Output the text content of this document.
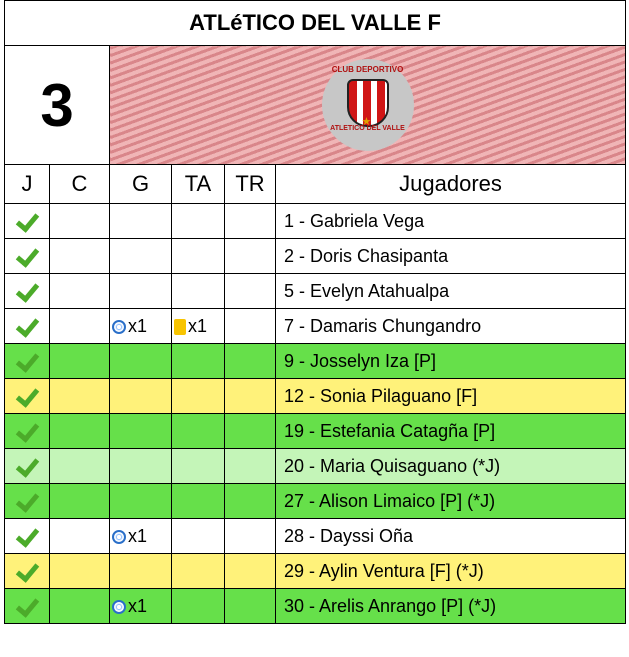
ATLéTICO DEL VALLE F					
3		CLUB DEPORTIVO
★
ATLETICO DEL VALLE			

J	C	G	TA	TR	Jugadores
					1 - Gabriela Vega
					2 - Doris Chasipanta
					5 - Evelyn Atahualpa
		x1	x1		7 - Damaris Chungandro
					9 - Josselyn Iza [P]
					12 - Sonia Pilaguano [F]
					19 - Estefania Catagña [P]
					20 - Maria Quisaguano (*J)
					27 - Alison Limaico [P] (*J)
		x1			28 - Dayssi Oña
					29 - Aylin Ventura [F] (*J)
		x1			30 - Arelis Anrango [P] (*J)
